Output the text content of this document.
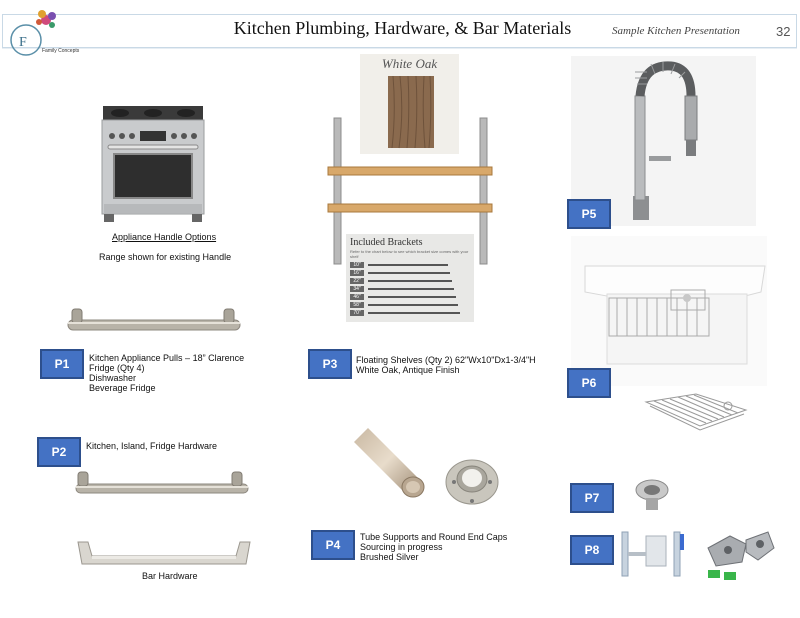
F
Family Concepts
Kitchen Plumbing, Hardware, & Bar Materials	Sample Kitchen Presentation	32
Appliance Handle Options
Range shown for existing Handle
P1	Kitchen Appliance Pulls – 18” Clarence
Fridge (Qty 4)
Dishwasher
Beverage Fridge
P2	Kitchen, Island, Fridge Hardware
Bar Hardware
White Oak
Included Brackets
Refer to the chart below to see which bracket size comes with your shelf
10"
16"
22"
34"
46"
58"
70"
P3	Floating Shelves (Qty 2) 62"Wx10"Dx1-3/4"H
White Oak, Antique Finish
P4
Tube Supports and Round End Caps
Sourcing in progress
Brushed Silver
P5
P6
P7
P8
